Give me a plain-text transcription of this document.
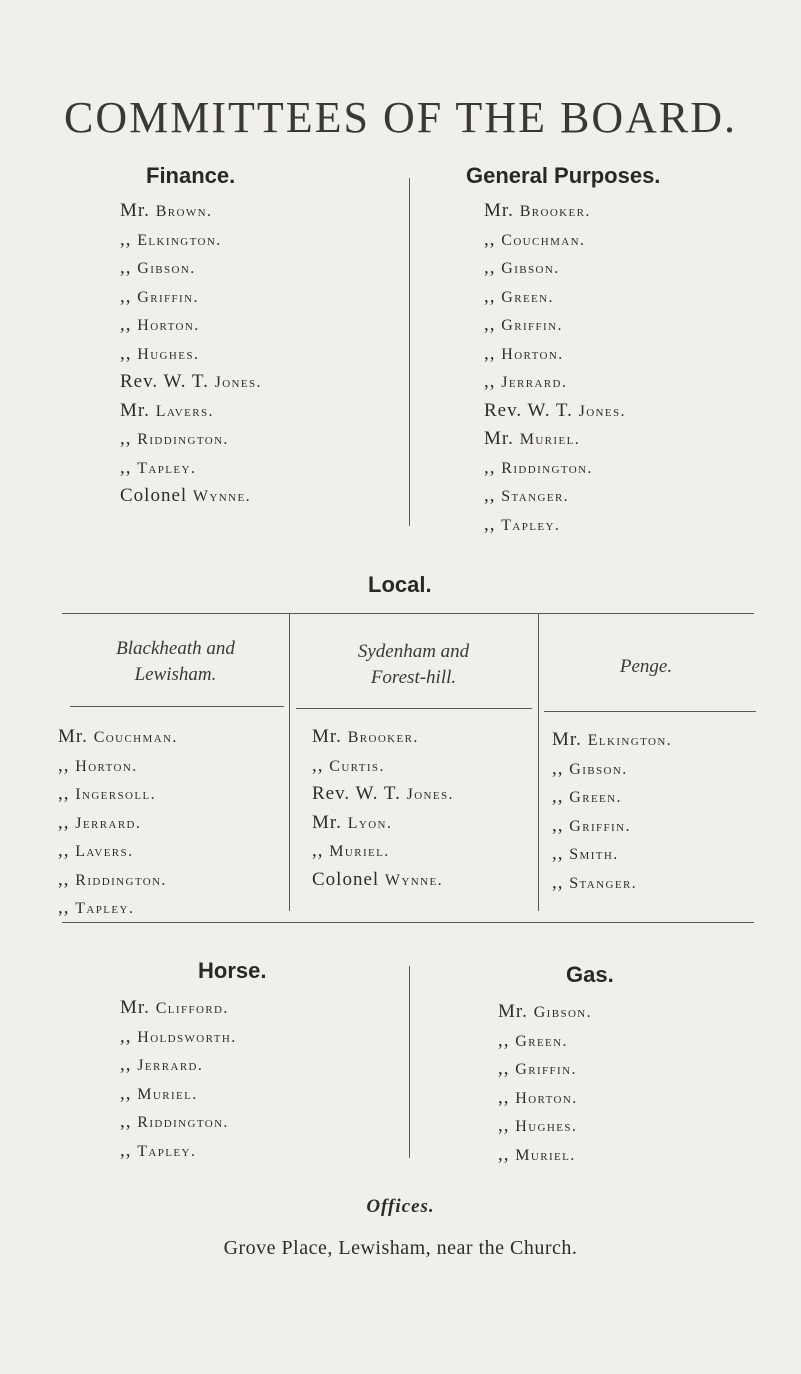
COMMITTEES OF THE BOARD.
Finance.
Mr. Brown.
,, Elkington.
,, Gibson.
,, Griffin.
,, Horton.
,, Hughes.
Rev. W. T. Jones.
Mr. Lavers.
,, Riddington.
,, Tapley.
Colonel Wynne.
General Purposes.
Mr. Brooker.
,, Couchman.
,, Gibson.
,, Green.
,, Griffin.
,, Horton.
,, Jerrard.
Rev. W. T. Jones.
Mr. Muriel.
,, Riddington.
,, Stanger.
,, Tapley.
Local.
Blackheath and
Lewisham.
Sydenham and
Forest-hill.
Penge.
Mr. Couchman.
,, Horton.
,, Ingersoll.
,, Jerrard.
,, Lavers.
,, Riddington.
,, Tapley.
Mr. Brooker.
,, Curtis.
Rev. W. T. Jones.
Mr. Lyon.
,, Muriel.
Colonel Wynne.
Mr. Elkington.
,, Gibson.
,, Green.
,, Griffin.
,, Smith.
,, Stanger.
Horse.
Mr. Clifford.
,, Holdsworth.
,, Jerrard.
,, Muriel.
,, Riddington.
,, Tapley.
Gas.
Mr. Gibson.
,, Green.
,, Griffin.
,, Horton.
,, Hughes.
,, Muriel.
Offices.
Grove Place, Lewisham, near the Church.
